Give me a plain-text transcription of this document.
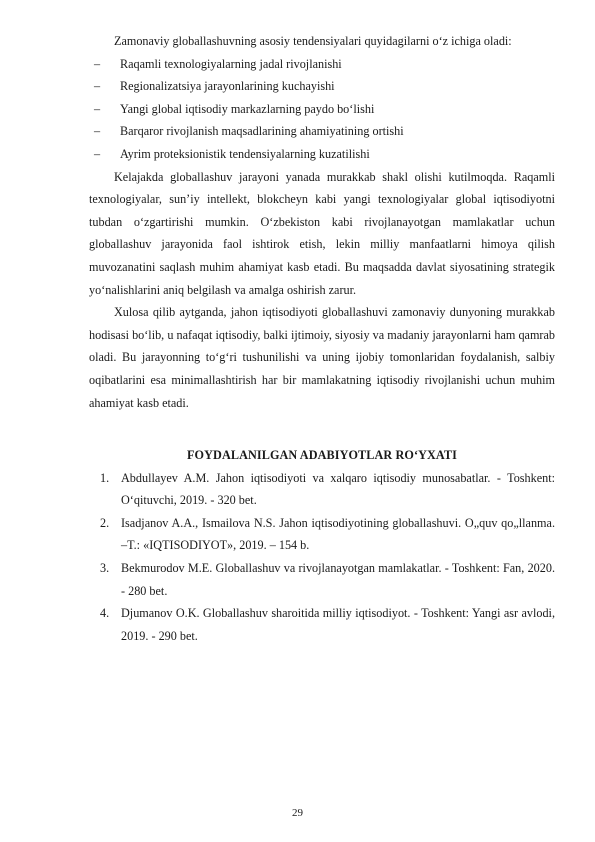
Zamonaviy globallashuvning asosiy tendensiyalari quyidagilarni o‘z ichiga oladi:

– Raqamli texnologiyalarning jadal rivojlanishi
– Regionalizatsiya jarayonlarining kuchayishi
– Yangi global iqtisodiy markazlarning paydo bo‘lishi
– Barqaror rivojlanish maqsadlarining ahamiyatining ortishi
– Ayrim proteksionistik tendensiyalarning kuzatilishi

Kelajakda globallashuv jarayoni yanada murakkab shakl olishi kutilmoqda. Raqamli texnologiyalar, sun’iy intellekt, blokcheyn kabi yangi texnologiyalar global iqtisodiyotni tubdan o‘zgartirishi mumkin. O‘zbekiston kabi rivojlanayotgan mamlakatlar uchun globallashuv jarayonida faol ishtirok etish, lekin milliy manfaatlarni himoya qilish muvozanatini saqlash muhim ahamiyat kasb etadi. Bu maqsadda davlat siyosatining strategik yo‘nalishlarini aniq belgilash va amalga oshirish zarur.

Xulosa qilib aytganda, jahon iqtisodiyoti globallashuvi zamonaviy dunyoning murakkab hodisasi bo‘lib, u nafaqat iqtisodiy, balki ijtimoiy, siyosiy va madaniy jarayonlarni ham qamrab oladi. Bu jarayonning to‘g‘ri tushunilishi va uning ijobiy tomonlaridan foydalanish, salbiy oqibatlarini esa minimallashtirish har bir mamlakatning iqtisodiy rivojlanishi uchun muhim ahamiyat kasb etadi.

FOYDALANILGAN ADABIYOTLAR RO‘YXATI
1. Abdullayev A.M. Jahon iqtisodiyoti va xalqaro iqtisodiy munosabatlar. - Toshkent: O‘qituvchi, 2019. - 320 bet.
2. Isadjanov A.A., Ismailova N.S. Jahon iqtisodiyotining globallashuvi. O„quv qo„llanma. –T.: «IQTISODIYOT», 2019. – 154 b.
3. Bekmurodov M.E. Globallashuv va rivojlanayotgan mamlakatlar. - Toshkent: Fan, 2020. - 280 bet.
4. Djumanov O.K. Globallashuv sharoitida milliy iqtisodiyot. - Toshkent: Yangi asr avlodi, 2019. - 290 bet.
29
